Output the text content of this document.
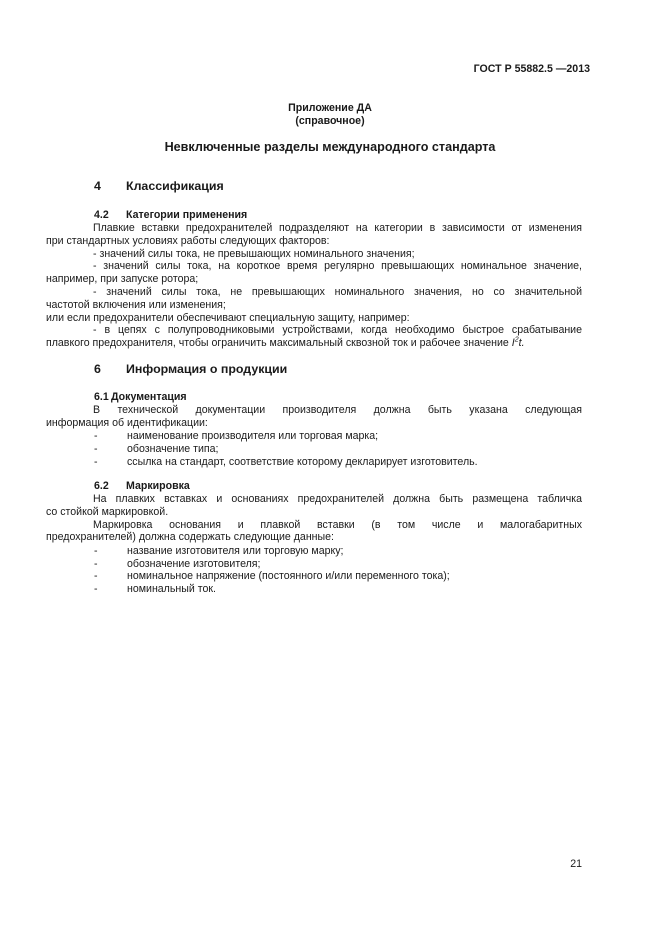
ГОСТ Р 55882.5 —2013
Приложение ДА
(справочное)
Невключенные разделы международного стандарта
4 Классификация
4.2 Категории применения
Плавкие вставки предохранителей подразделяют на категории в зависимости от изменения
при стандартных условиях работы следующих факторов:
- значений силы тока, не превышающих номинального значения;
- значений силы тока, на короткое время регулярно превышающих номинальное значение,
например, при запуске ротора;
- значений силы тока, не превышающих номинального значения, но со значительной
частотой включения или изменения;
или если предохранители обеспечивают специальную защиту, например:
- в цепях с полупроводниковыми устройствами, когда необходимо быстрое срабатывание
плавкого предохранителя, чтобы ограничить максимальный сквозной ток и рабочее значение $I^2t$.
6 Информация о продукции
6.1 Документация
В технической документации производителя должна быть указана следующая
информация об идентификации:
-	наименование производителя или торговая марка;
-	обозначение типа;
-	ссылка на стандарт, соответствие которому декларирует изготовитель.
6.2 Маркировка
На плавких вставках и основаниях предохранителей должна быть размещена табличка
со стойкой маркировкой.
Маркировка основания и плавкой вставки (в том числе и малогабаритных
предохранителей) должна содержать следующие данные:
-	название изготовителя или торговую марку;
-	обозначение изготовителя;
-	номинальное напряжение (постоянного и/или переменного тока);
-	номинальный ток.
21
